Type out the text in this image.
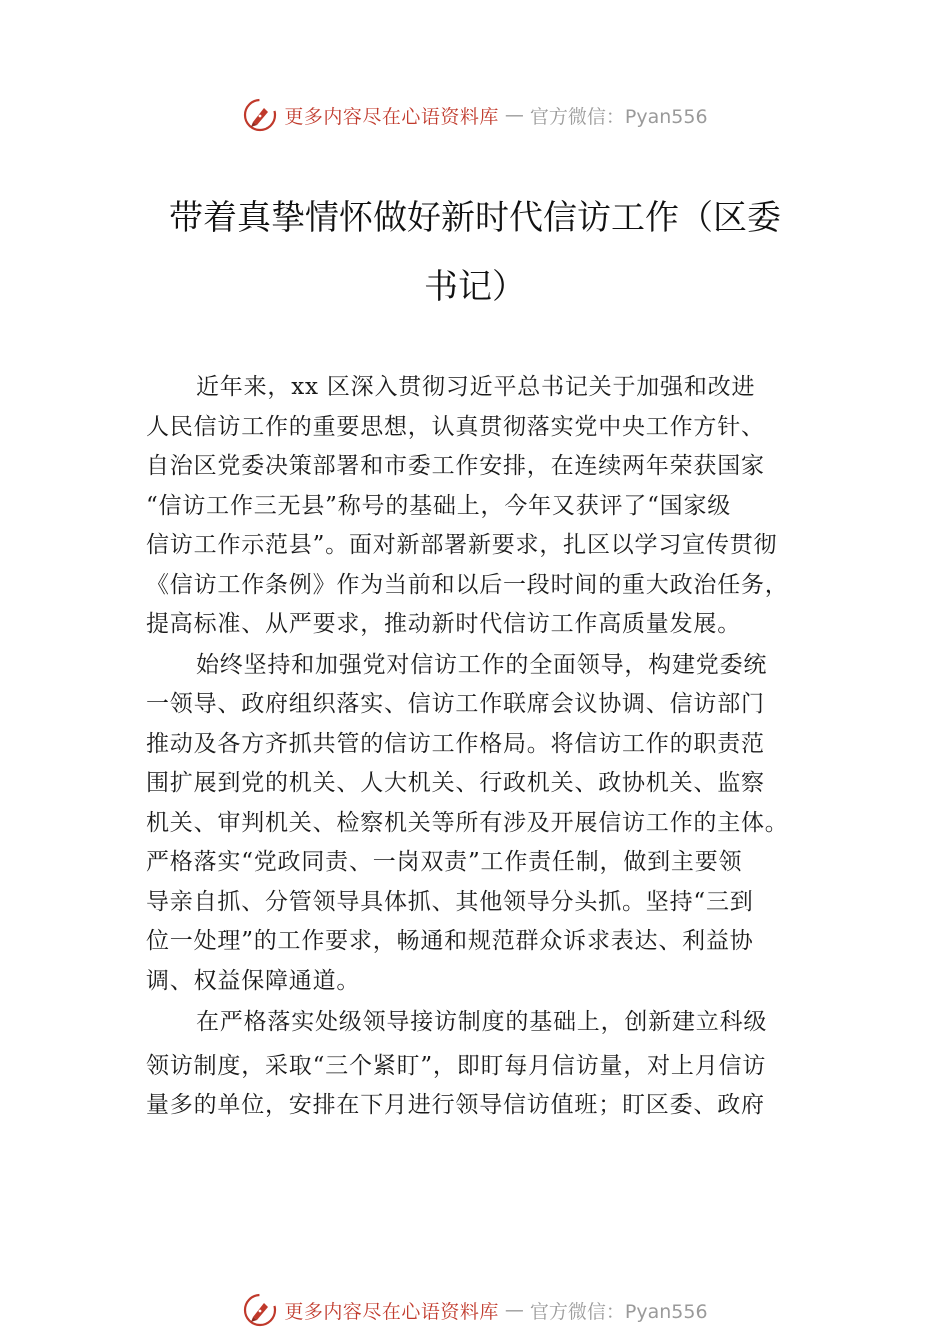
更多内容尽在心语资料库 — 官方微信：Pyan556
带着真挚情怀做好新时代信访工作（区委
书记）
近年来，xx 区深入贯彻习近平总书记关于加强和改进
人民信访工作的重要思想，认真贯彻落实党中央工作方针、
自治区党委决策部署和市委工作安排，在连续两年荣获国家
“信访工作三无县”称号的基础上，今年又获评了“国家级
信访工作示范县”。面对新部署新要求，扎区以学习宣传贯彻
《信访工作条例》作为当前和以后一段时间的重大政治任务，
提高标准、从严要求，推动新时代信访工作高质量发展。
始终坚持和加强党对信访工作的全面领导，构建党委统
一领导、政府组织落实、信访工作联席会议协调、信访部门
推动及各方齐抓共管的信访工作格局。将信访工作的职责范
围扩展到党的机关、人大机关、行政机关、政协机关、监察
机关、审判机关、检察机关等所有涉及开展信访工作的主体。
严格落实“党政同责、一岗双责”工作责任制，做到主要领
导亲自抓、分管领导具体抓、其他领导分头抓。坚持“三到
位一处理”的工作要求，畅通和规范群众诉求表达、利益协
调、权益保障通道。
在严格落实处级领导接访制度的基础上，创新建立科级
领访制度，采取“三个紧盯”，即盯每月信访量，对上月信访
量多的单位，安排在下月进行领导信访值班；盯区委、政府
更多内容尽在心语资料库 — 官方微信：Pyan556
